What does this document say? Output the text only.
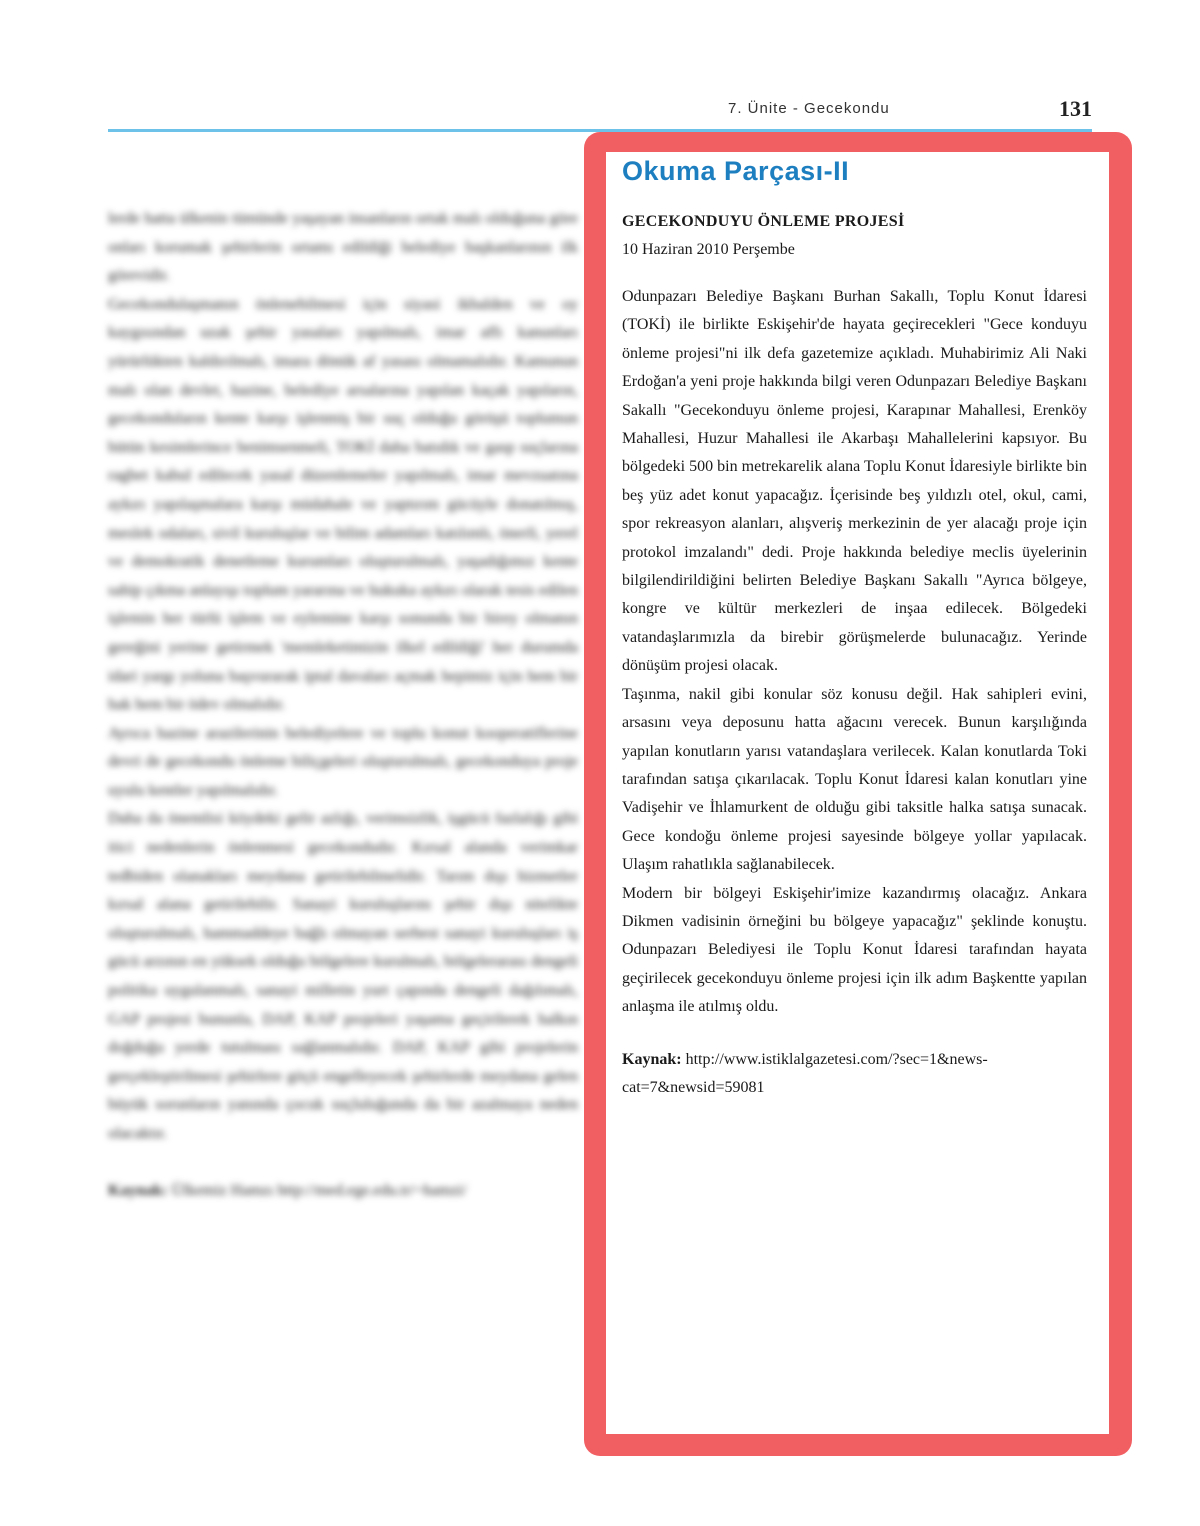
7. Ünite - Gecekondu	131

lerde hatta ülkenin tümünde yaşayan insanların ortak malı olduğuna göre onları korumak şehirlerin ortamı edildiği belediye başkanlarının ilk görevidir.

Gecekondulaşmanın önlenebilmesi için siyasi ikbalden ve oy kaygısından uzak şehir yasaları yapılmalı, imar affı kanunları yürürlükten kaldırılmalı, imara dönük af yasası olmamalıdır. Kamunun malı olan devlet, hazine, belediye arsalarına yapılan kaçak yapıların, gecekonduların kente karşı işlenmiş bir suç olduğu görüşü toplumun bütün kesimlerince benimsenmeli, TOKİ daha batıdık ve gasp suçlarına ragbet kabul edilecek yasal düzenlemeler yapılmalı, imar mevzuatına aykırı yapılaşmalara karşı müdahale ve yaptırım gücüyle donatılmış, meslek odaları, sivil kuruluşlar ve bilim adamları katılımlı, önerli, yerel ve demokratik denetleme kurumları oluşturulmalı, yaşadığımız kente sahip çıkma anlayışı toplum yararına ve hukuka aykırı olarak tesis edilen işlemin her türlü işlem ve eylemine karşı sonunda bir birey olmanın gereğini yerine getirmek 'memleketimizin ilkel edildiği' her durumda idari yargı yoluna başvurarak iptal davaları açmak hepimiz için hem bir hak hem bir ödev olmalıdır.

Ayrıca hazine arazilerinin belediyelere ve toplu konut kooperatiflerine devri de gecekondu önleme biliçgeleri oluşturulmalı, gecekonduya proje uyulu kentler yapılmalıdır.

Daha da önemlisi köydeki gelir azlığı, verimsizlik, işgücü fazlalığı gibi itici nedenlerin önlenmesi gecekondudır. Kırsal alanda verimkar tedbiden olanakları meydana getirilebilmelidir. Tarım dışı hizmetler kırsal alana getirilebilir. Sanayi kuruluşlarını şehir dışı nitelikte oluşturulmalı, hammaddeye bağlı olmayan serbest sanayi kuruluşları iş gücü arzının en yüksek olduğu bölgelere kurulmalı, bölgelerarası dengeli politika uygulanmalı, sanayi milletin yurt çapında dengeli dağılımalı, GAP projesi bununla, DAP, KAP projeleri yaşama geçirilerek halkın doğduğu yerde tutulması sağlanmalıdır. DAP, KAP gibi projelerin gerçekleştirilmesi şehirlere göçü engelleyecek şehirlerde meydana gelen büyük sorunların yanında çocuk suçluluğunda da bir azalmaya neden olacaktır.

Kaynak: Ülkemiz Hamzı http://med.ege.edu.tr/~hamzi/

Okuma Parçası-II

GECEKONDUYU ÖNLEME PROJESİ

10 Haziran 2010 Perşembe

Odunpazarı Belediye Başkanı Burhan Sakallı, Toplu Konut İdaresi (TOKİ) ile birlikte Eskişehir'de hayata geçirecekleri "Gece konduyu önleme projesi"ni ilk defa gazetemize açıkladı. Muhabirimiz Ali Naki Erdoğan'a yeni proje hakkında bilgi veren Odunpazarı Belediye Başkanı Sakallı "Gecekonduyu önleme projesi, Karapınar Mahallesi, Erenköy Mahallesi, Huzur Mahallesi ile Akarbaşı Mahallelerini kapsıyor. Bu bölgedeki 500 bin metrekarelik alana Toplu Konut İdaresiyle birlikte bin beş yüz adet konut yapacağız. İçerisinde beş yıldızlı otel, okul, cami, spor rekreasyon alanları, alışveriş merkezinin de yer alacağı proje için protokol imzalandı" dedi. Proje hakkında belediye meclis üyelerinin bilgilendirildiğini belirten Belediye Başkanı Sakallı "Ayrıca bölgeye, kongre ve kültür merkezleri de inşaa edilecek. Bölgedeki vatandaşlarımızla da birebir görüşmelerde bulunacağız. Yerinde dönüşüm projesi olacak.

Taşınma, nakil gibi konular söz konusu değil. Hak sahipleri evini, arsasını veya deposunu hatta ağacını verecek. Bunun karşılığında yapılan konutların yarısı vatandaşlara verilecek. Kalan konutlarda Toki tarafından satışa çıkarılacak. Toplu Konut İdaresi kalan konutları yine Vadişehir ve İhlamurkent de olduğu gibi taksitle halka satışa sunacak. Gece kondoğu önleme projesi sayesinde bölgeye yollar yapılacak. Ulaşım rahatlıkla sağlanabilecek.

Modern bir bölgeyi Eskişehir'imize kazandırmış olacağız. Ankara Dikmen vadisinin örneğini bu bölgeye yapacağız" şeklinde konuştu. Odunpazarı Belediyesi ile Toplu Konut İdaresi tarafından hayata geçirilecek gecekonduyu önleme projesi için ilk adım Başkentte yapılan anlaşma ile atılmış oldu.

Kaynak: http://www.istiklalgazetesi.com/?sec=1&news-cat=7&newsid=59081
